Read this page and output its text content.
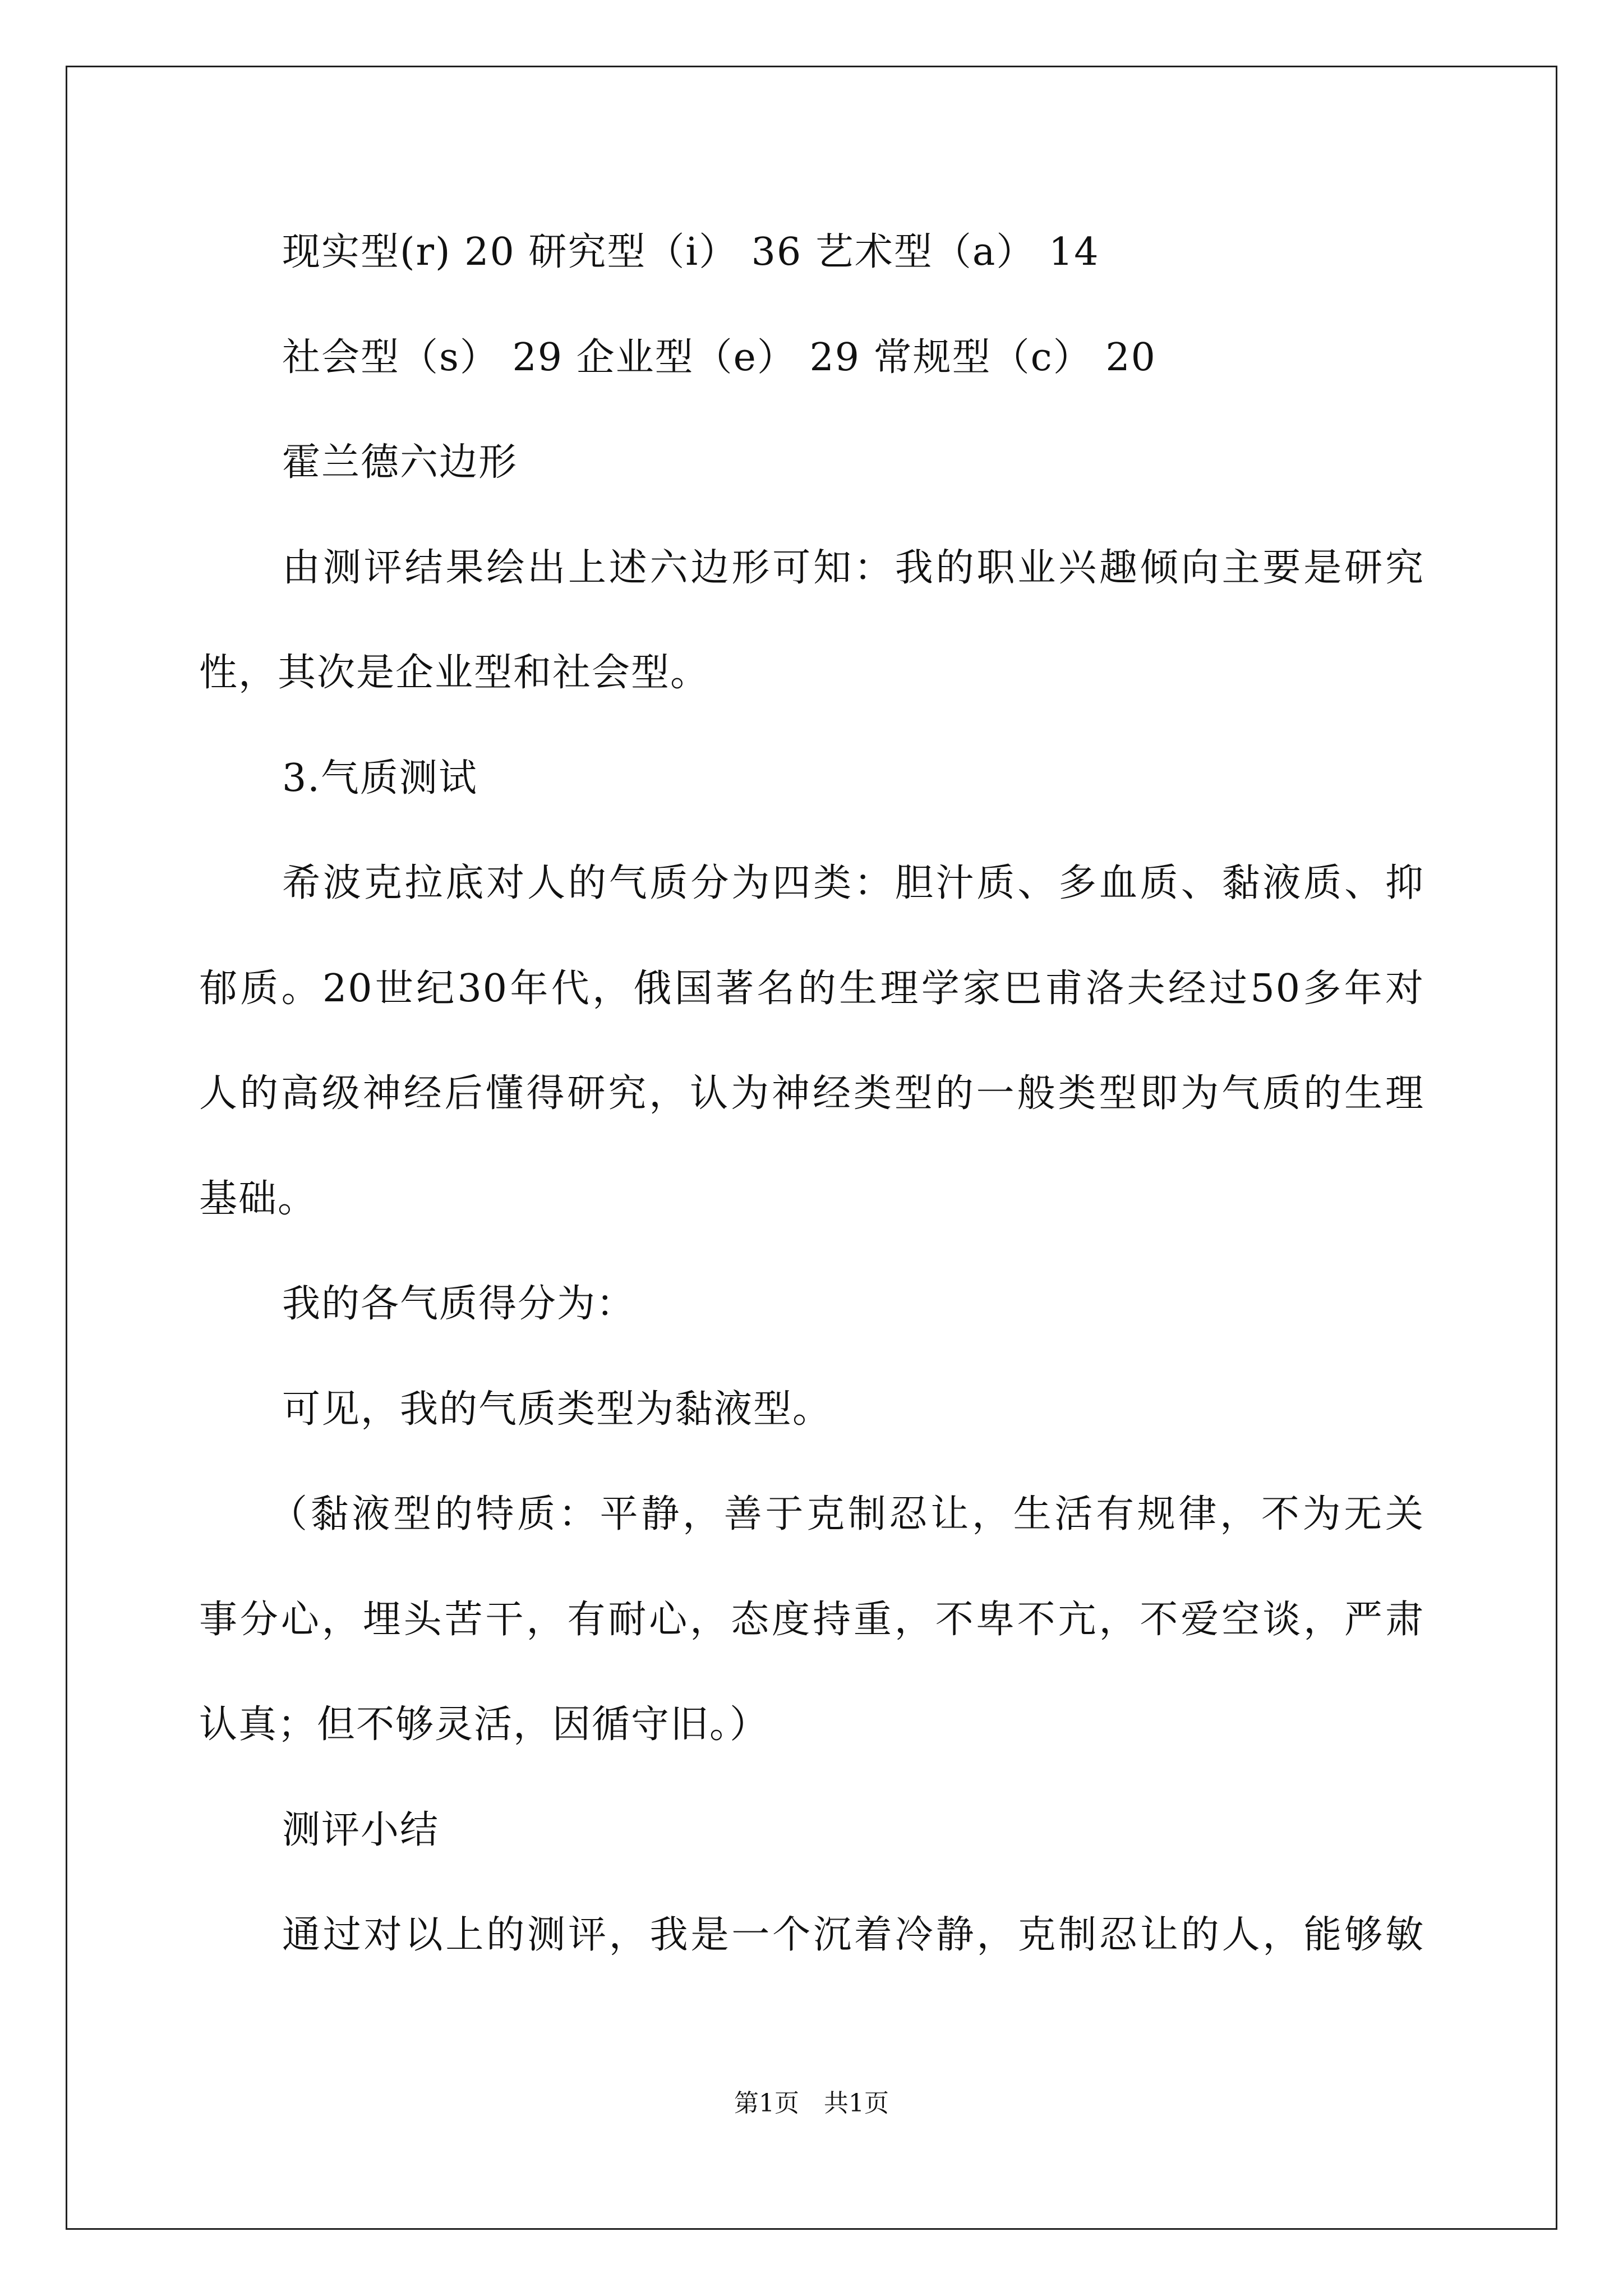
现实型(r) 20 研究型（i） 36 艺术型（a） 14
社会型（s） 29 企业型（e） 29 常规型（c） 20
霍兰德六边形
由测评结果绘出上述六边形可知：我的职业兴趣倾向主要是研究
性，其次是企业型和社会型。
3.气质测试
希波克拉底对人的气质分为四类：胆汁质、多血质、黏液质、抑
郁质。20世纪30年代，俄国著名的生理学家巴甫洛夫经过50多年对
人的高级神经后懂得研究，认为神经类型的一般类型即为气质的生理
基础。
我的各气质得分为：
可见，我的气质类型为黏液型。
（黏液型的特质：平静，善于克制忍让，生活有规律，不为无关
事分心，埋头苦干，有耐心，态度持重，不卑不亢，不爱空谈，严肃
认真；但不够灵活，因循守旧。）
测评小结
通过对以上的测评，我是一个沉着冷静，克制忍让的人，能够敏
第1页　共1页
